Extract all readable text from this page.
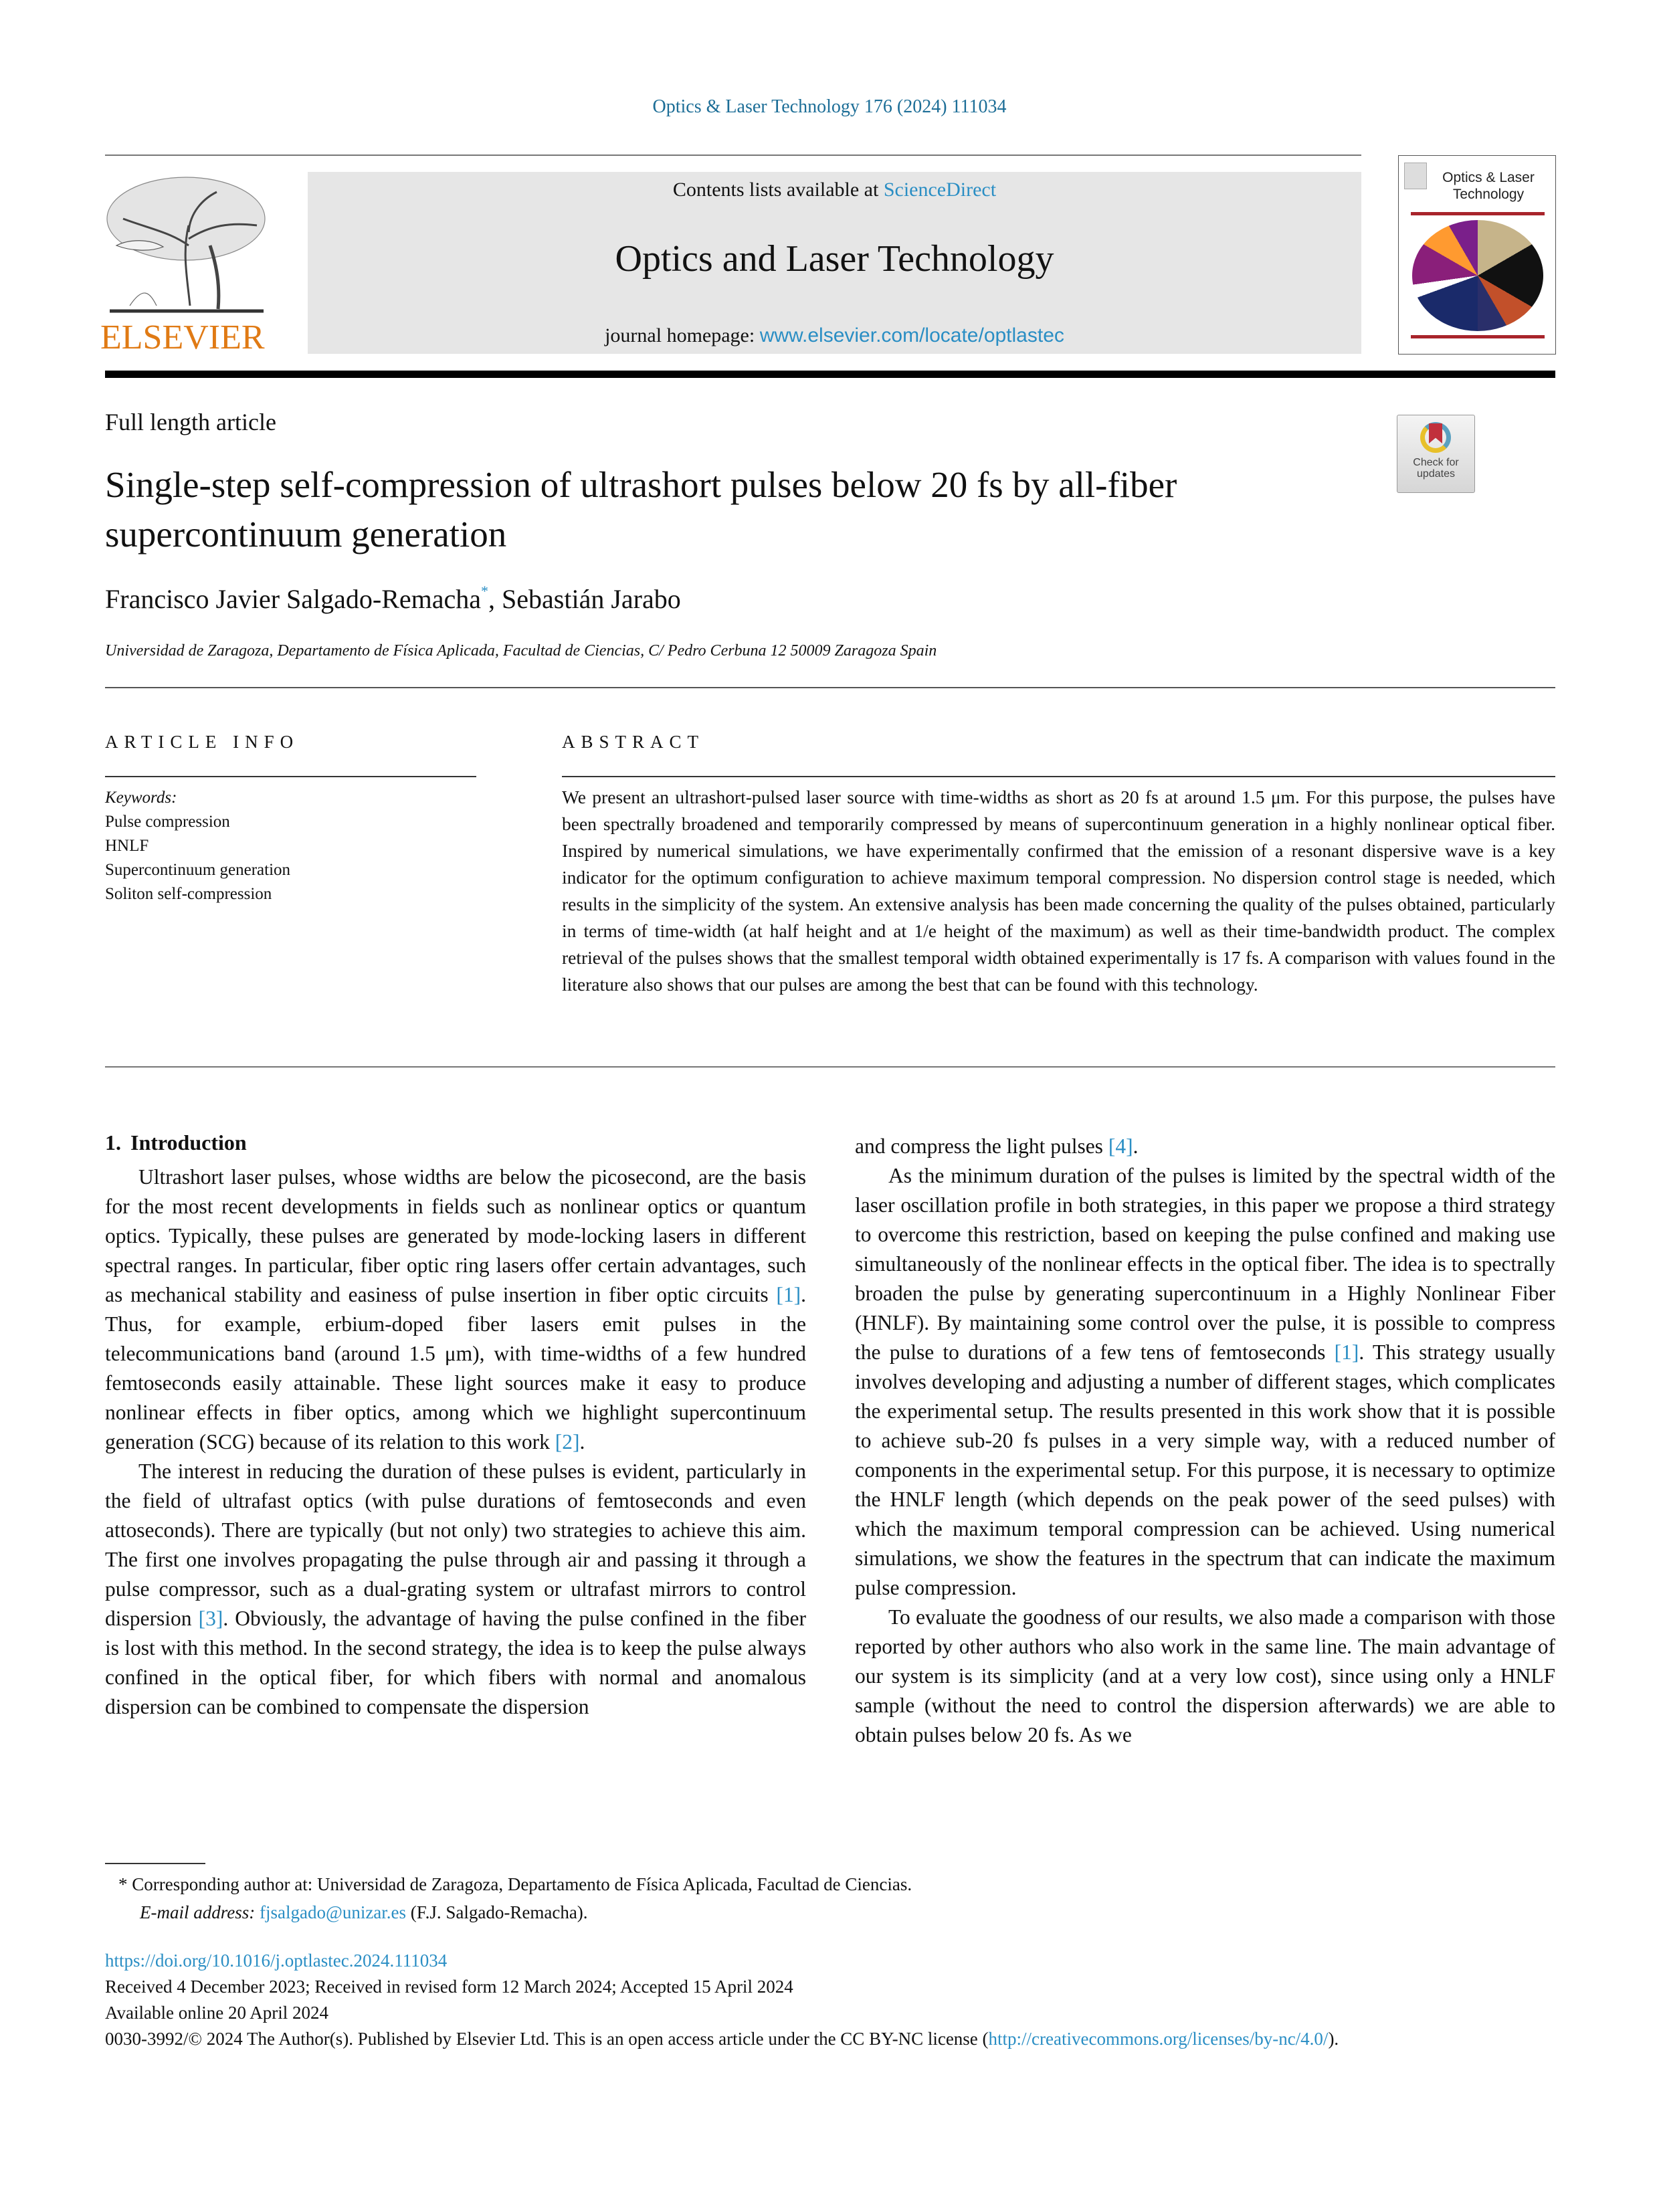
Optics & Laser Technology 176 (2024) 111034
ELSEVIER
Contents lists available at ScienceDirect
Optics and Laser Technology
journal homepage: www.elsevier.com/locate/optlastec
Optics & Laser
Technology
Full length article
Single-step self-compression of ultrashort pulses below 20 fs by all-fiber supercontinuum generation
Check for
updates
Francisco Javier Salgado-Remacha*, Sebastián Jarabo
Universidad de Zaragoza, Departamento de Física Aplicada, Facultad de Ciencias, C/ Pedro Cerbuna 12 50009 Zaragoza Spain
ARTICLE INFO	ABSTRACT
Keywords:
Pulse compression
HNLF
Supercontinuum generation
Soliton self-compression
We present an ultrashort-pulsed laser source with time-widths as short as 20 fs at around 1.5 μm. For this purpose, the pulses have been spectrally broadened and temporarily compressed by means of supercontinuum generation in a highly nonlinear optical fiber. Inspired by numerical simulations, we have experimentally confirmed that the emission of a resonant dispersive wave is a key indicator for the optimum configuration to achieve maximum temporal compression. No dispersion control stage is needed, which results in the simplicity of the system. An extensive analysis has been made concerning the quality of the pulses obtained, particularly in terms of time-width (at half height and at 1/e height of the maximum) as well as their time-bandwidth product. The complex retrieval of the pulses shows that the smallest temporal width obtained experimentally is 17 fs. A comparison with values found in the literature also shows that our pulses are among the best that can be found with this technology.
1. Introduction

Ultrashort laser pulses, whose widths are below the picosecond, are the basis for the most recent developments in fields such as nonlinear optics or quantum optics. Typically, these pulses are generated by mode-locking lasers in different spectral ranges. In particular, fiber optic ring lasers offer certain advantages, such as mechanical stability and easiness of pulse insertion in fiber optic circuits [1]. Thus, for example, erbium-doped fiber lasers emit pulses in the telecommunications band (around 1.5 μm), with time-widths of a few hundred femtoseconds easily attainable. These light sources make it easy to produce nonlinear effects in fiber optics, among which we highlight supercontinuum generation (SCG) because of its relation to this work [2].

The interest in reducing the duration of these pulses is evident, particularly in the field of ultrafast optics (with pulse durations of femtoseconds and even attoseconds). There are typically (but not only) two strategies to achieve this aim. The first one involves propagating the pulse through air and passing it through a pulse compressor, such as a dual-grating system or ultrafast mirrors to control dispersion [3]. Obviously, the advantage of having the pulse confined in the fiber is lost with this method. In the second strategy, the idea is to keep the pulse always confined in the optical fiber, for which fibers with normal and anomalous dispersion can be combined to compensate the dispersion

and compress the light pulses [4].

As the minimum duration of the pulses is limited by the spectral width of the laser oscillation profile in both strategies, in this paper we propose a third strategy to overcome this restriction, based on keeping the pulse confined and making use simultaneously of the nonlinear effects in the optical fiber. The idea is to spectrally broaden the pulse by generating supercontinuum in a Highly Nonlinear Fiber (HNLF). By maintaining some control over the pulse, it is possible to compress the pulse to durations of a few tens of femtoseconds [1]. This strategy usually involves developing and adjusting a number of different stages, which complicates the experimental setup. The results presented in this work show that it is possible to achieve sub-20 fs pulses in a very simple way, with a reduced number of components in the experimental setup. For this purpose, it is necessary to optimize the HNLF length (which depends on the peak power of the seed pulses) with which the maximum temporal compression can be achieved. Using numerical simulations, we show the features in the spectrum that can indicate the maximum pulse compression.

To evaluate the goodness of our results, we also made a comparison with those reported by other authors who also work in the same line. The main advantage of our system is its simplicity (and at a very low cost), since using only a HNLF sample (without the need to control the dispersion afterwards) we are able to obtain pulses below 20 fs. As we

* Corresponding author at: Universidad de Zaragoza, Departamento de Física Aplicada, Facultad de Ciencias.
E-mail address: fjsalgado@unizar.es (F.J. Salgado-Remacha).
https://doi.org/10.1016/j.optlastec.2024.111034
Received 4 December 2023; Received in revised form 12 March 2024; Accepted 15 April 2024
Available online 20 April 2024
0030-3992/© 2024 The Author(s). Published by Elsevier Ltd. This is an open access article under the CC BY-NC license (http://creativecommons.org/licenses/by-nc/4.0/).
